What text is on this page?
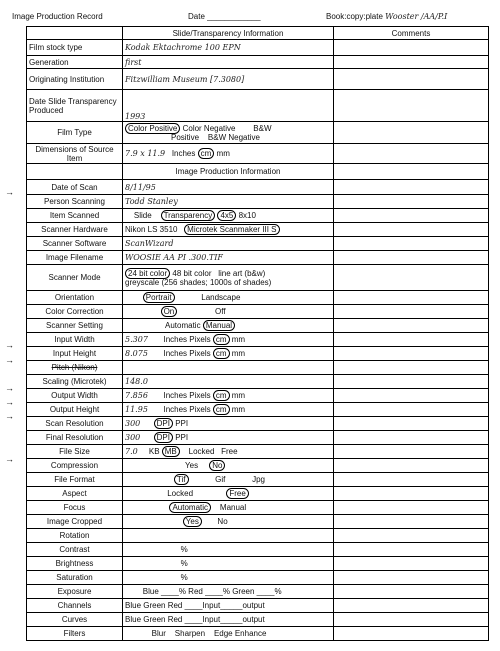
Image Production Record	Date ____________	Book:copy:plate Wooster /AA/P.I
→
→
→
→
→
→
→
	Slide/Transparency Information	Comments
Film stock type	Kodak Ektachrome 100 EPN	
Generation	first	
Originating Institution	Fitzwilliam Museum [7.3080]	
Date Slide Transparency Produced	1993	
Film Type	Color Positive Color Negative B&W
Positive B&W Negative	

Dimensions of Source Item	7.9 x 11.9 Inches cm mm	
	Image Production Information	
Date of Scan	8/11/95	
Person Scanning	Todd Stanley	
Item Scanned	Slide Transparency 4x5 8x10	
Scanner Hardware	Nikon LS 3510 Microtek Scanmaker III S	
Scanner Software	ScanWizard	
Image Filename	WOOSIE AA PI .300.TIF	
Scanner Mode	24 bit color 48 bit color line art (b&w)
greyscale (256 shades; 1000s of shades)	

Orientation	Portrait Landscape	
Color Correction	On Off	
Scanner Setting	Automatic Manual	
Input Width	5.307 Inches Pixels cm mm	
Input Height	8.075 Inches Pixels cm mm	
Pitch (Nikon)		
Scaling (Microtek)	148.0	
Output Width	7.856 Inches Pixels cm mm	
Output Height	11.95 Inches Pixels cm mm	
Scan Resolution	300 DPI PPI	
Final Resolution	300 DPI PPI	
File Size	7.0 KB MB Locked Free	
Compression	Yes No	
File Format	Tif Gif Jpg	
Aspect	Locked Free	
Focus	Automatic Manual	
Image Cropped	Yes No	
Rotation		
Contrast	%	
Brightness	%	
Saturation	%	
Exposure	Blue ____% Red ____% Green ____%	
Channels	Blue Green Red ____Input_____output	
Curves	Blue Green Red ____Input_____output	
Filters	Blur Sharpen Edge Enhance	
